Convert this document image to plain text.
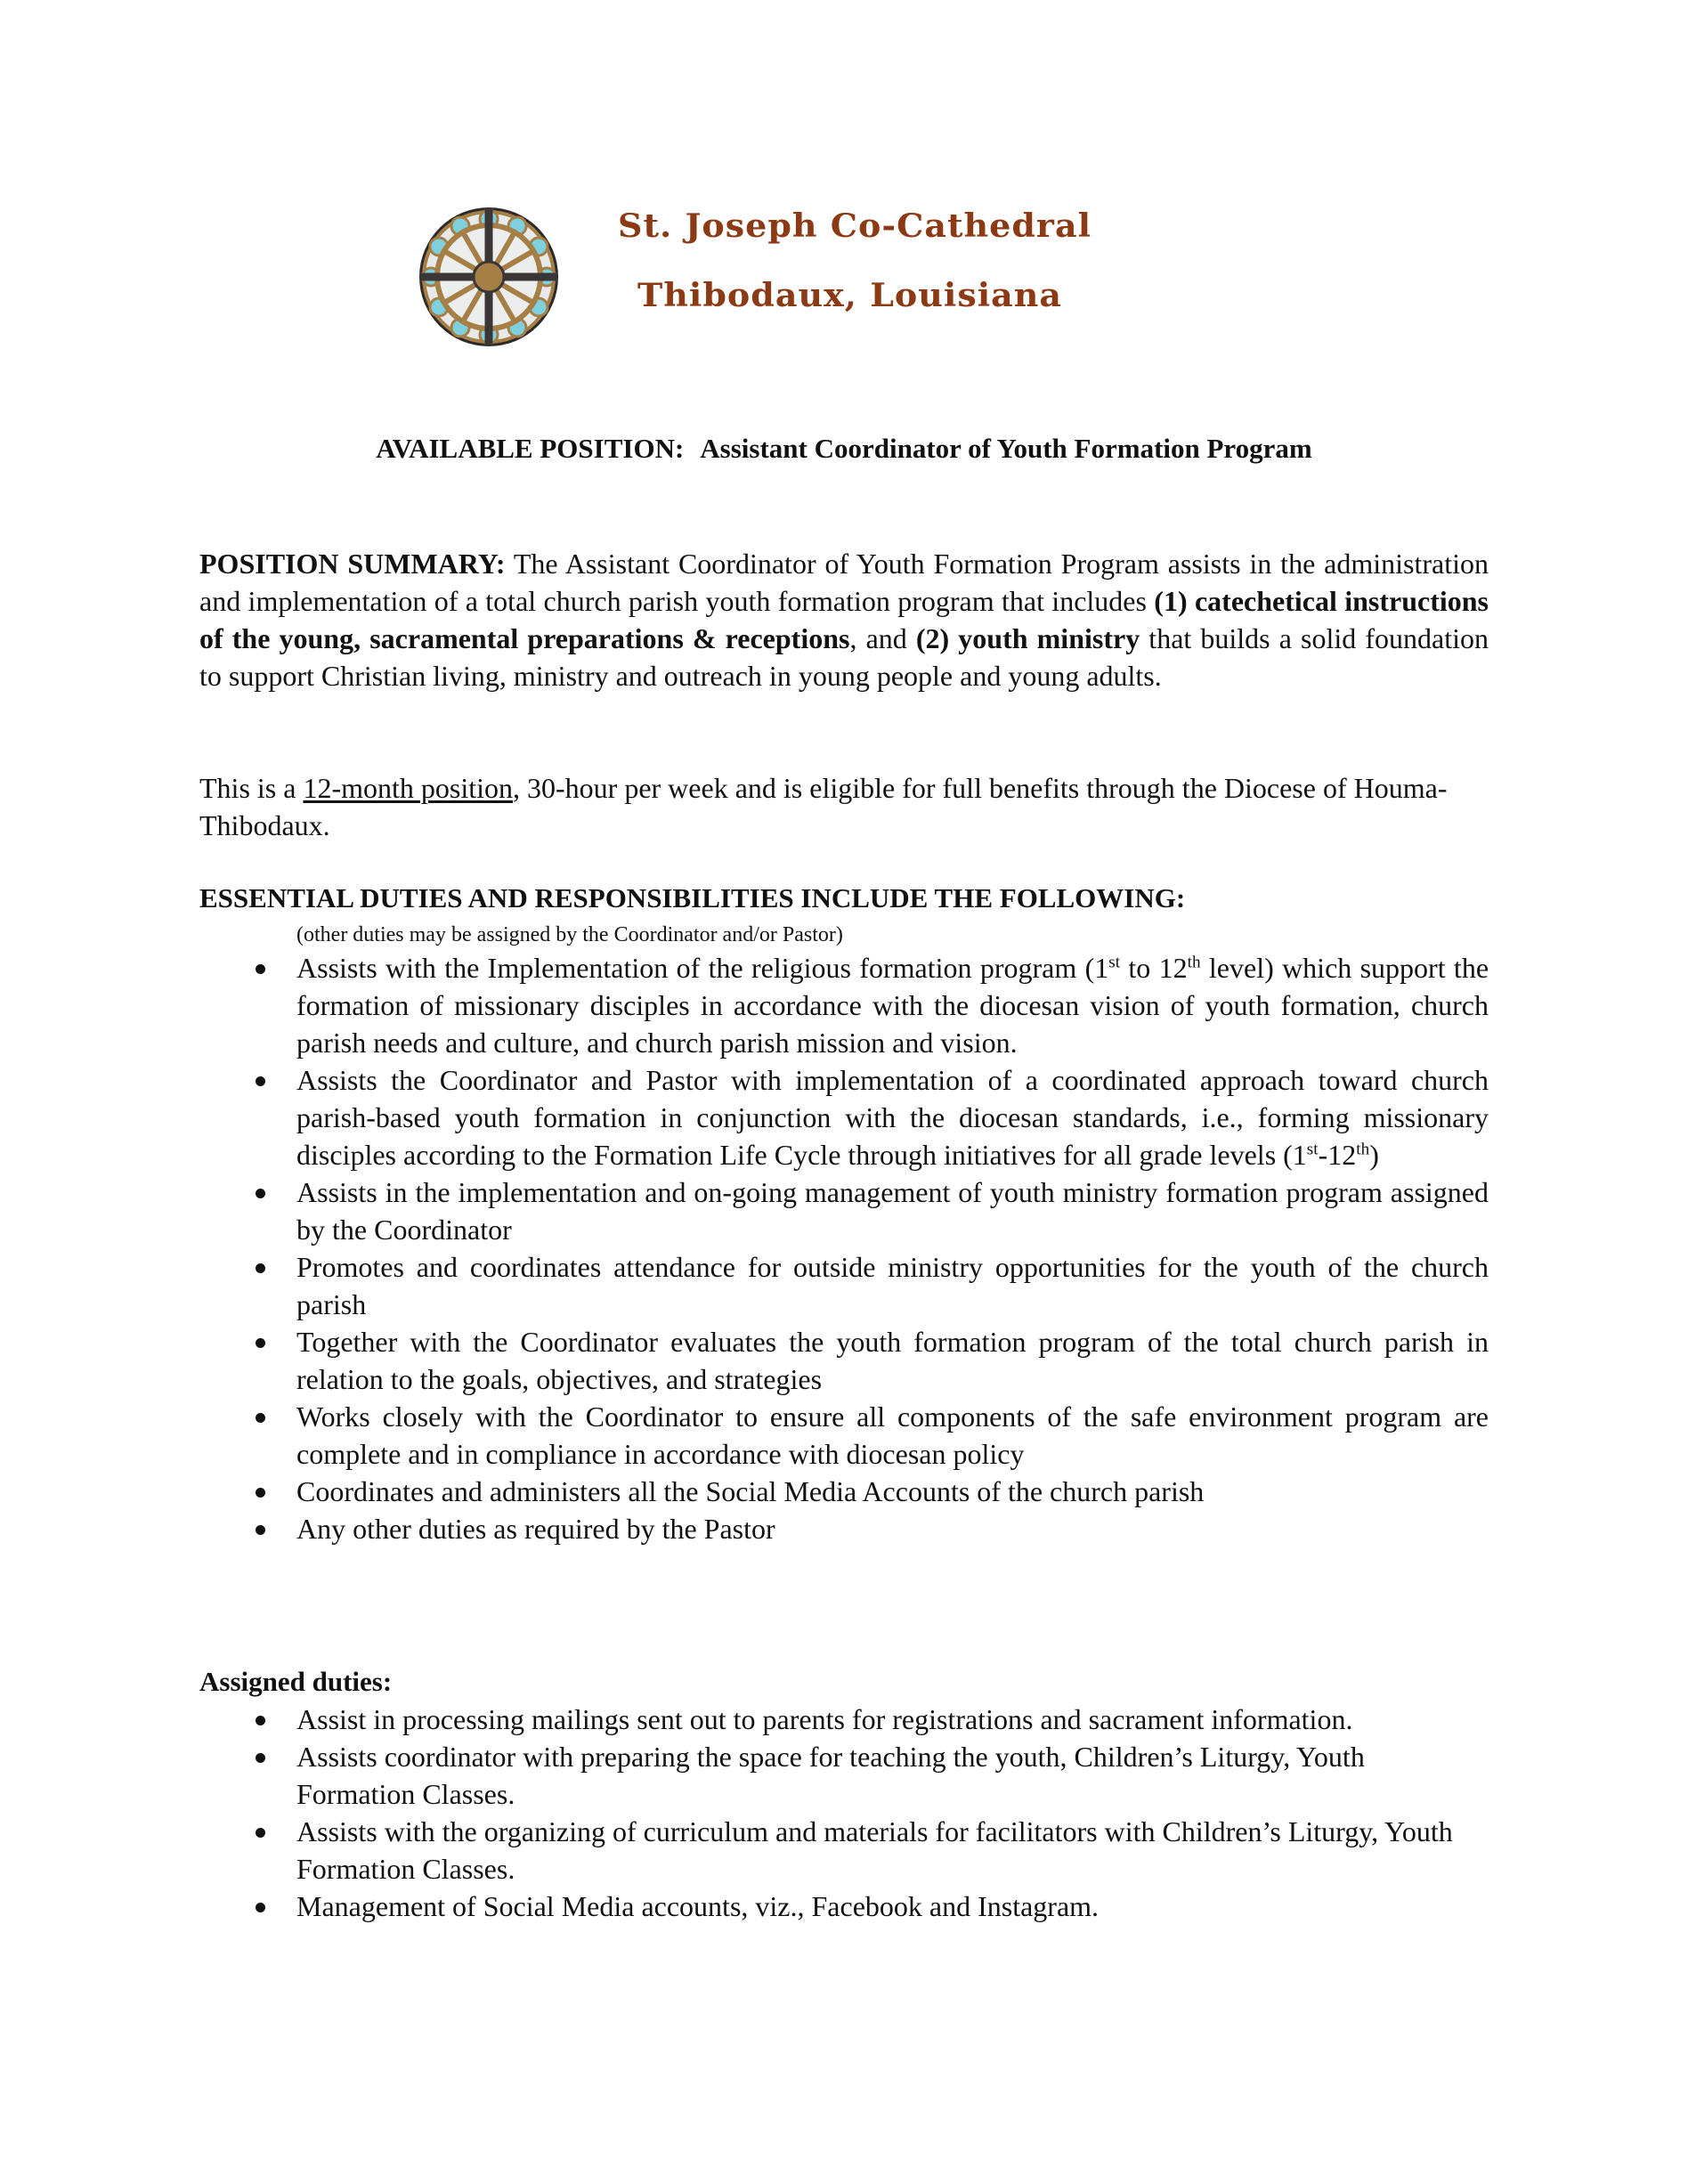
St. Joseph Co-Cathedral
Thibodaux, Louisiana
AVAILABLE POSITION: Assistant Coordinator of Youth Formation Program
POSITION SUMMARY: The Assistant Coordinator of Youth Formation Program assists in the administration and implementation of a total church parish youth formation program that includes (1) catechetical instructions of the young, sacramental preparations & receptions, and (2) youth ministry that builds a solid foundation to support Christian living, ministry and outreach in young people and young adults.
This is a 12-month position, 30-hour per week and is eligible for full benefits through the Diocese of Houma-Thibodaux.
ESSENTIAL DUTIES AND RESPONSIBILITIES INCLUDE THE FOLLOWING:
(other duties may be assigned by the Coordinator and/or Pastor)
Assists with the Implementation of the religious formation program (1st to 12th level) which support the formation of missionary disciples in accordance with the diocesan vision of youth formation, church parish needs and culture, and church parish mission and vision.
Assists the Coordinator and Pastor with implementation of a coordinated approach toward church parish-based youth formation in conjunction with the diocesan standards, i.e., forming missionary disciples according to the Formation Life Cycle through initiatives for all grade levels (1st-12th)
Assists in the implementation and on-going management of youth ministry formation program assigned by the Coordinator
Promotes and coordinates attendance for outside ministry opportunities for the youth of the church parish
Together with the Coordinator evaluates the youth formation program of the total church parish in relation to the goals, objectives, and strategies
Works closely with the Coordinator to ensure all components of the safe environment program are complete and in compliance in accordance with diocesan policy
Coordinates and administers all the Social Media Accounts of the church parish
Any other duties as required by the Pastor
Assigned duties:
Assist in processing mailings sent out to parents for registrations and sacrament information.
Assists coordinator with preparing the space for teaching the youth, Children’s Liturgy, Youth Formation Classes.
Assists with the organizing of curriculum and materials for facilitators with Children’s Liturgy, Youth Formation Classes.
Management of Social Media accounts, viz., Facebook and Instagram.
